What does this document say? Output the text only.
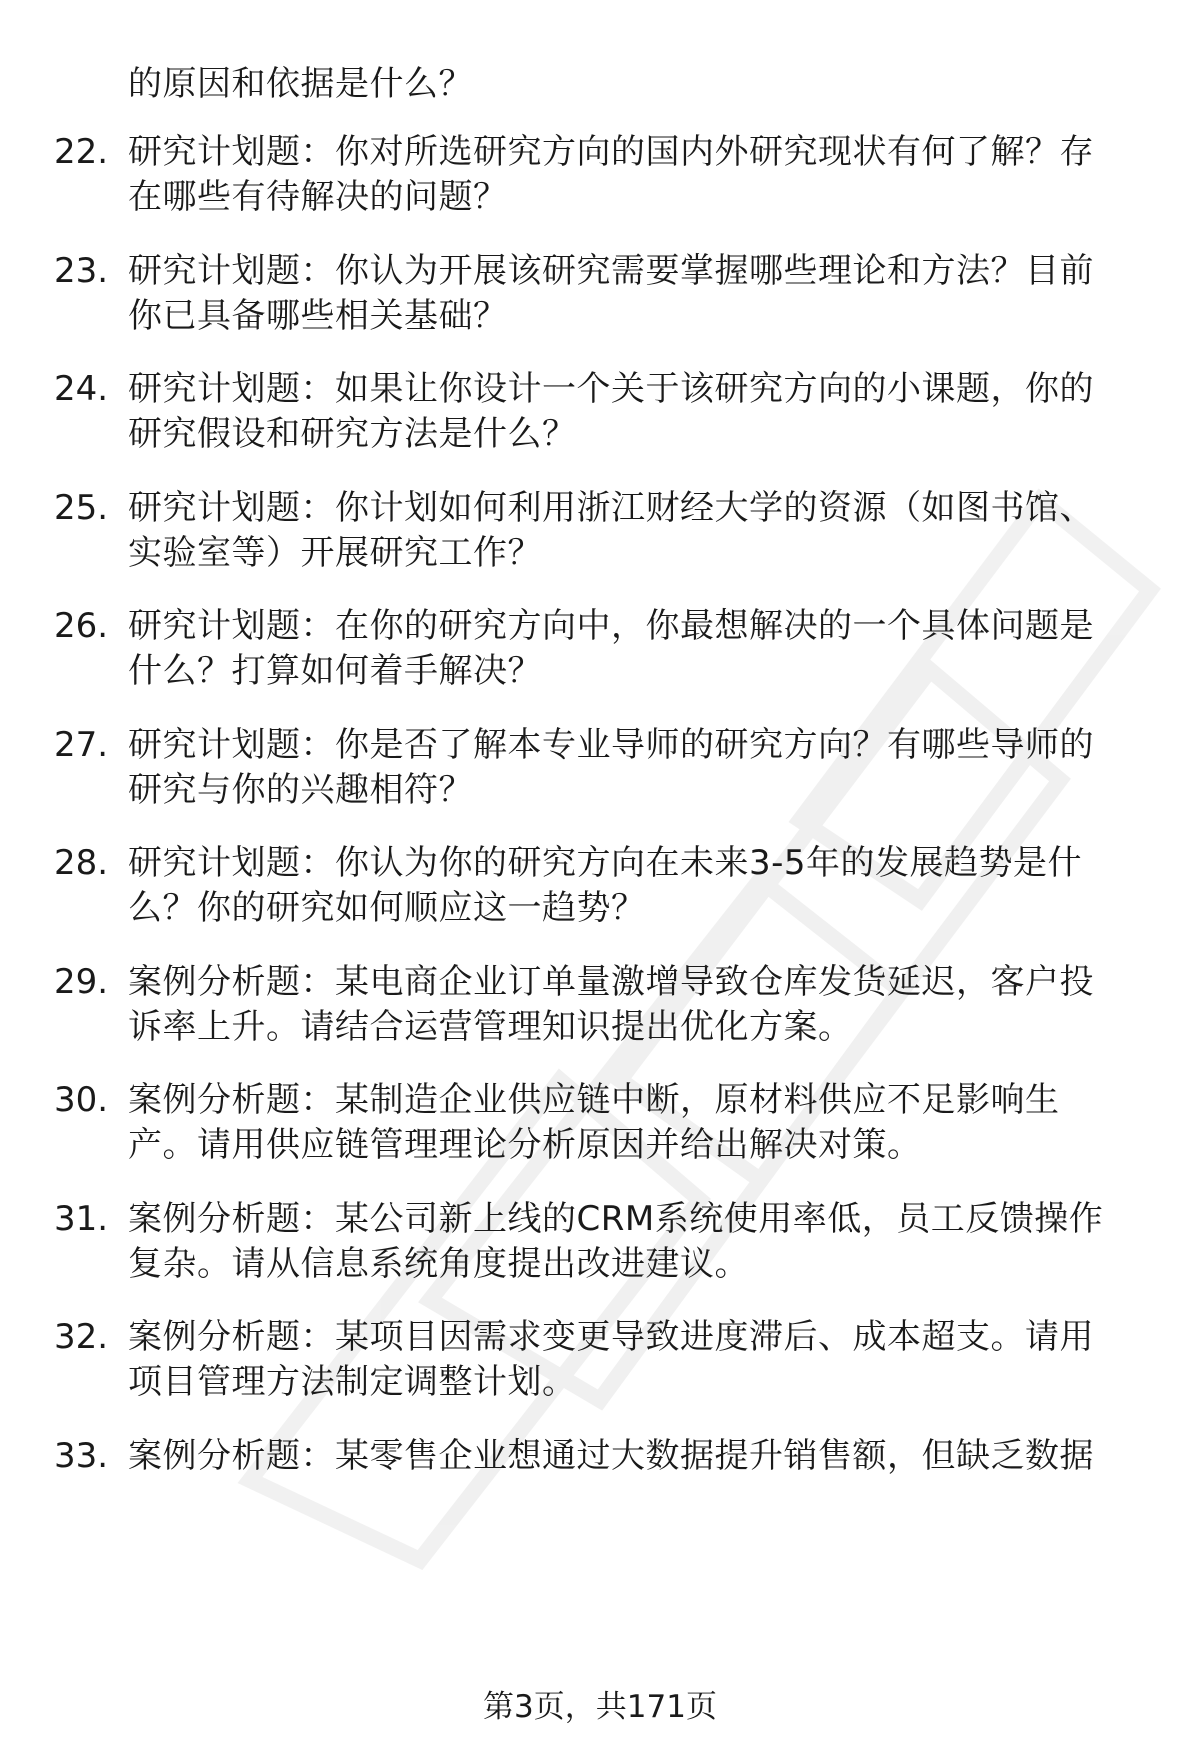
的原因和依据是什么？
22. 研究计划题：你对所选研究方向的国内外研究现状有何了解？存
在哪些有待解决的问题？
23. 研究计划题：你认为开展该研究需要掌握哪些理论和方法？目前
你已具备哪些相关基础？
24. 研究计划题：如果让你设计一个关于该研究方向的小课题，你的
研究假设和研究方法是什么？
25. 研究计划题：你计划如何利用浙江财经大学的资源（如图书馆、
实验室等）开展研究工作？
26. 研究计划题：在你的研究方向中，你最想解决的一个具体问题是
什么？打算如何着手解决？
27. 研究计划题：你是否了解本专业导师的研究方向？有哪些导师的
研究与你的兴趣相符？
28. 研究计划题：你认为你的研究方向在未来3-5年的发展趋势是什
么？你的研究如何顺应这一趋势？
29. 案例分析题：某电商企业订单量激增导致仓库发货延迟，客户投
诉率上升。请结合运营管理知识提出优化方案。
30. 案例分析题：某制造企业供应链中断，原材料供应不足影响生
产。请用供应链管理理论分析原因并给出解决对策。
31. 案例分析题：某公司新上线的CRM系统使用率低，员工反馈操作
复杂。请从信息系统角度提出改进建议。
32. 案例分析题：某项目因需求变更导致进度滞后、成本超支。请用
项目管理方法制定调整计划。
33. 案例分析题：某零售企业想通过大数据提升销售额，但缺乏数据
第3页，共171页
